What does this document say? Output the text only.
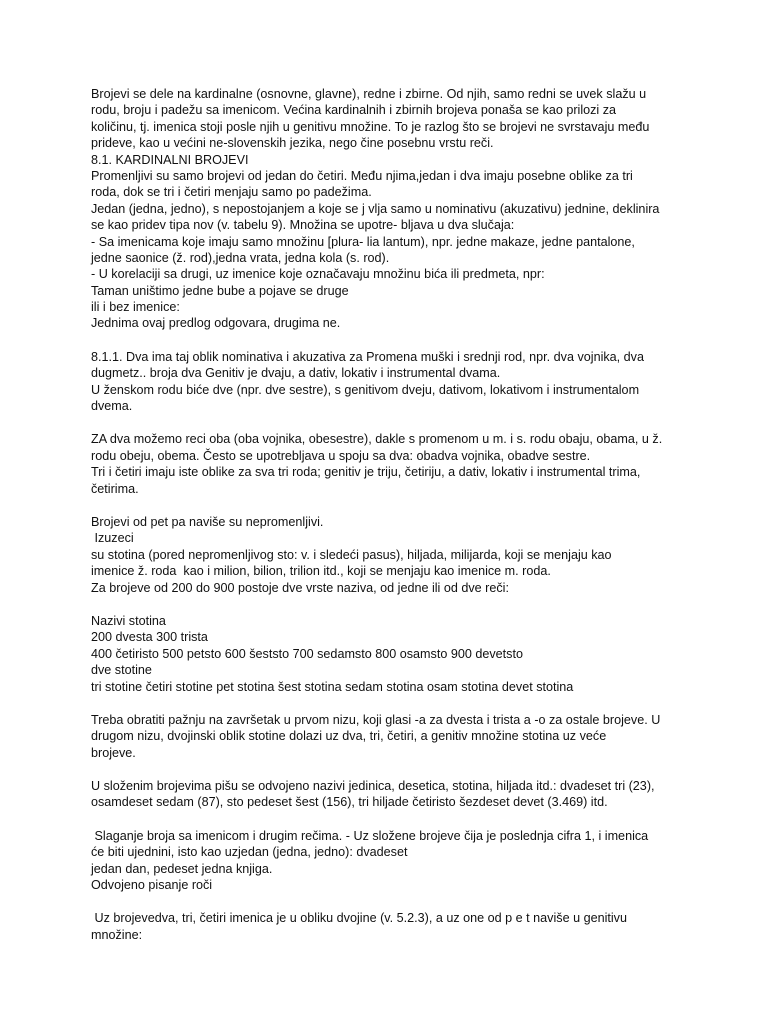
Brojevi se dele na kardinalne (osnovne, glavne), redne i zbirne. Od njih, samo redni se uvek slažu u
rodu, broju i padežu sa imenicom. Većina kardinalnih i zbirnih brojeva ponaša se kao prilozi za
količinu, tj. imenica stoji posle njih u genitivu množine. To je razlog što se brojevi ne svrstavaju među
prideve, kao u većini ne-slovenskih jezika, nego čine posebnu vrstu reči.
8.1. KARDINALNI BROJEVI
Promenljivi su samo brojevi od jedan do četiri. Među njima,jedan i dva imaju posebne oblike za tri
roda, dok se tri i četiri menjaju samo po padežima.
Jedan (jedna, jedno), s nepostojanjem a koje se j vlja samo u nominativu (akuzativu) jednine, deklinira
se kao pridev tipa nov (v. tabelu 9). Množina se upotre- bljava u dva slučaja:
- Sa imenicama koje imaju samo množinu [plura- lia lantum), npr. jedne makaze, jedne pantalone,
jedne saonice (ž. rod),jedna vrata, jedna kola (s. rod).
- U korelaciji sa drugi, uz imenice koje označavaju množinu bića ili predmeta, npr:
Taman uništimo jedne bube a pojave se druge
ili i bez imenice:
Jednima ovaj predlog odgovara, drugima ne.
8.1.1. Dva ima taj oblik nominativa i akuzativa za Promena muški i srednji rod, npr. dva vojnika, dva
dugmetz.. broja dva Genitiv je dvaju, a dativ, lokativ i instrumental dvama.
U ženskom rodu biće dve (npr. dve sestre), s genitivom dveju, dativom, lokativom i instrumentalom
dvema.
ZA dva možemo reci oba (oba vojnika, obesestre), dakle s promenom u m. i s. rodu obaju, obama, u ž.
rodu obeju, obema. Često se upotrebljava u spoju sa dva: obadva vojnika, obadve sestre.
Tri i četiri imaju iste oblike za sva tri roda; genitiv je triju, četiriju, a dativ, lokativ i instrumental trima,
četirima.
Brojevi od pet pa naviše su nepromenljivi.
Izuzeci
su stotina (pored nepromenljivog sto: v. i sledeći pasus), hiljada, milijarda, koji se menjaju kao
imenice ž. roda  kao i milion, bilion, trilion itd., koji se menjaju kao imenice m. roda.
Za brojeve od 200 do 900 postoje dve vrste naziva, od jedne ili od dve reči:
Nazivi stotina
200 dvesta 300 trista
400 četiristo 500 petsto 600 šeststo 700 sedamsto 800 osamsto 900 devetsto
dve stotine
tri stotine četiri stotine pet stotina šest stotina sedam stotina osam stotina devet stotina
Treba obratiti pažnju na završetak u prvom nizu, koji glasi -a za dvesta i trista a -o za ostale brojeve. U
drugom nizu, dvojinski oblik stotine dolazi uz dva, tri, četiri, a genitiv množine stotina uz veće
brojeve.
U složenim brojevima pišu se odvojeno nazivi jedinica, desetica, stotina, hiljada itd.: dvadeset tri (23),
osamdeset sedam (87), sto pedeset šest (156), tri hiljade četiristo šezdeset devet (3.469) itd.
Slaganje broja sa imenicom i drugim rečima. - Uz složene brojeve čija je poslednja cifra 1, i imenica
će biti ujednini, isto kao uzjedan (jedna, jedno): dvadeset
jedan dan, pedeset jedna knjiga.
Odvojeno pisanje roči
Uz brojevedva, tri, četiri imenica je u obliku dvojine (v. 5.2.3), a uz one od p e t naviše u genitivu
množine:
